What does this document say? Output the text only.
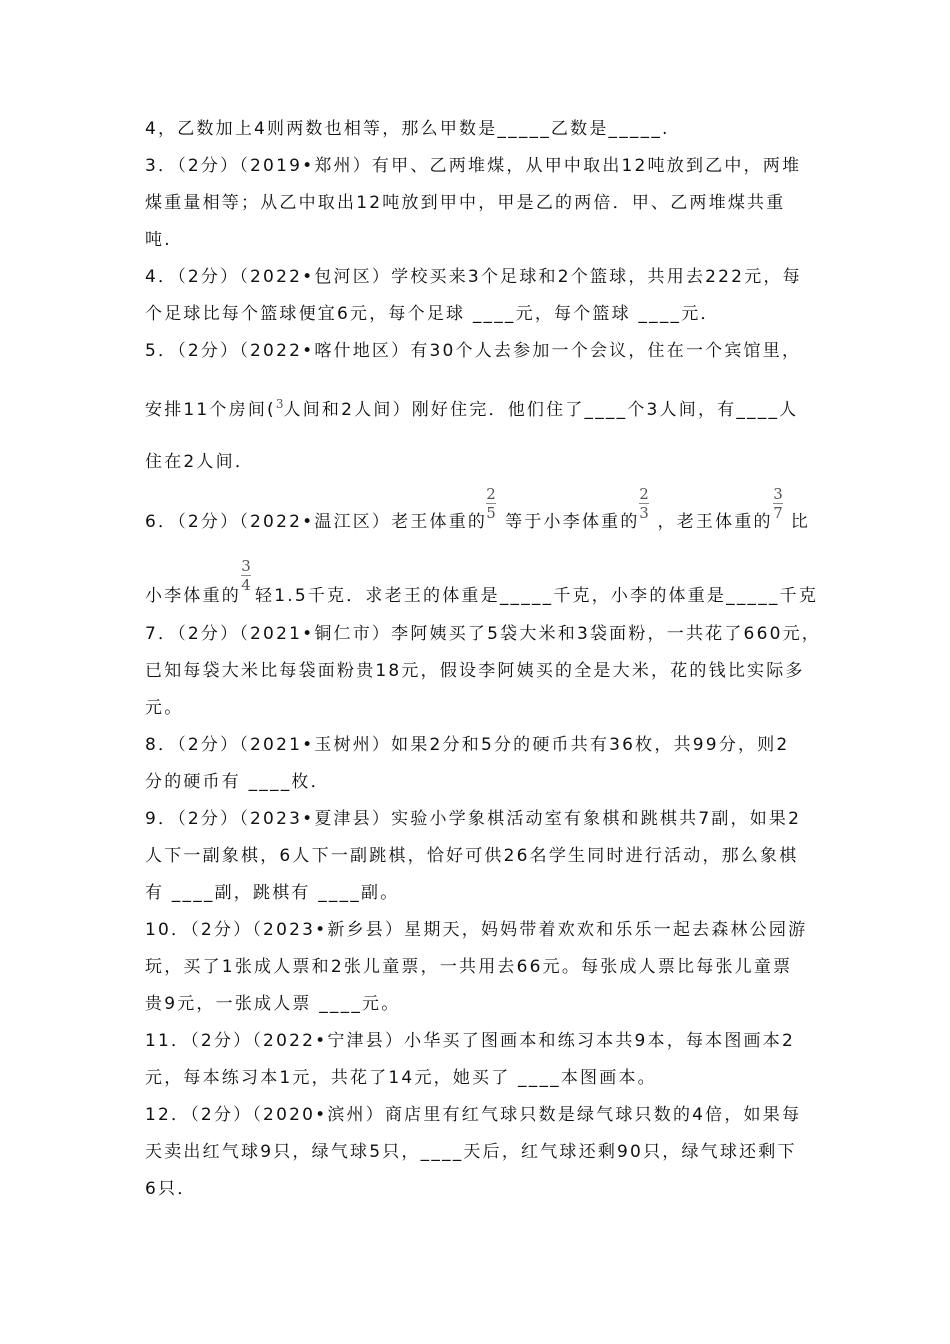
4，乙数加上4则两数也相等，那么甲数是_____乙数是_____.
3．（2分）（2019•郑州）有甲、乙两堆煤，从甲中取出12吨放到乙中，两堆
煤重量相等；从乙中取出12吨放到甲中，甲是乙的两倍．甲、乙两堆煤共重
吨.
4．（2分）（2022•包河区）学校买来3个足球和2个篮球，共用去222元，每
个足球比每个篮球便宜6元，每个足球 ____元，每个篮球 ____元．
5．（2分）（2022•喀什地区）有30个人去参加一个会议，住在一个宾馆里，
安排11个房间($^3$人间和2人间）刚好住完．他们住了____个3人间，有____人
住在2人间．
6．（2分）（2022•温江区）老王体重的 等于小李体重的 ，老王体重的 比
2
5
2
3
3
7
小李体重的 轻1.5千克．求老王的体重是_____千克，小李的体重是_____千克
3
4
7．（2分）（2021•铜仁市）李阿姨买了5袋大米和3袋面粉，一共花了660元，
已知每袋大米比每袋面粉贵18元，假设李阿姨买的全是大米，花的钱比实际多
元。
8．（2分）（2021•玉树州）如果2分和5分的硬币共有36枚，共99分，则2
分的硬币有 ____枚．
9．（2分）（2023•夏津县）实验小学象棋活动室有象棋和跳棋共7副，如果2
人下一副象棋，6人下一副跳棋，恰好可供26名学生同时进行活动，那么象棋
有 ____副，跳棋有 ____副。
10．（2分）（2023•新乡县）星期天，妈妈带着欢欢和乐乐一起去森林公园游
玩，买了1张成人票和2张儿童票，一共用去66元。每张成人票比每张儿童票
贵9元，一张成人票 ____元。
11．（2分）（2022•宁津县）小华买了图画本和练习本共9本，每本图画本2
元，每本练习本1元，共花了14元，她买了 ____本图画本。
12．（2分）（2020•滨州）商店里有红气球只数是绿气球只数的4倍，如果每
天卖出红气球9只，绿气球5只，____天后，红气球还剩90只，绿气球还剩下
6只．
